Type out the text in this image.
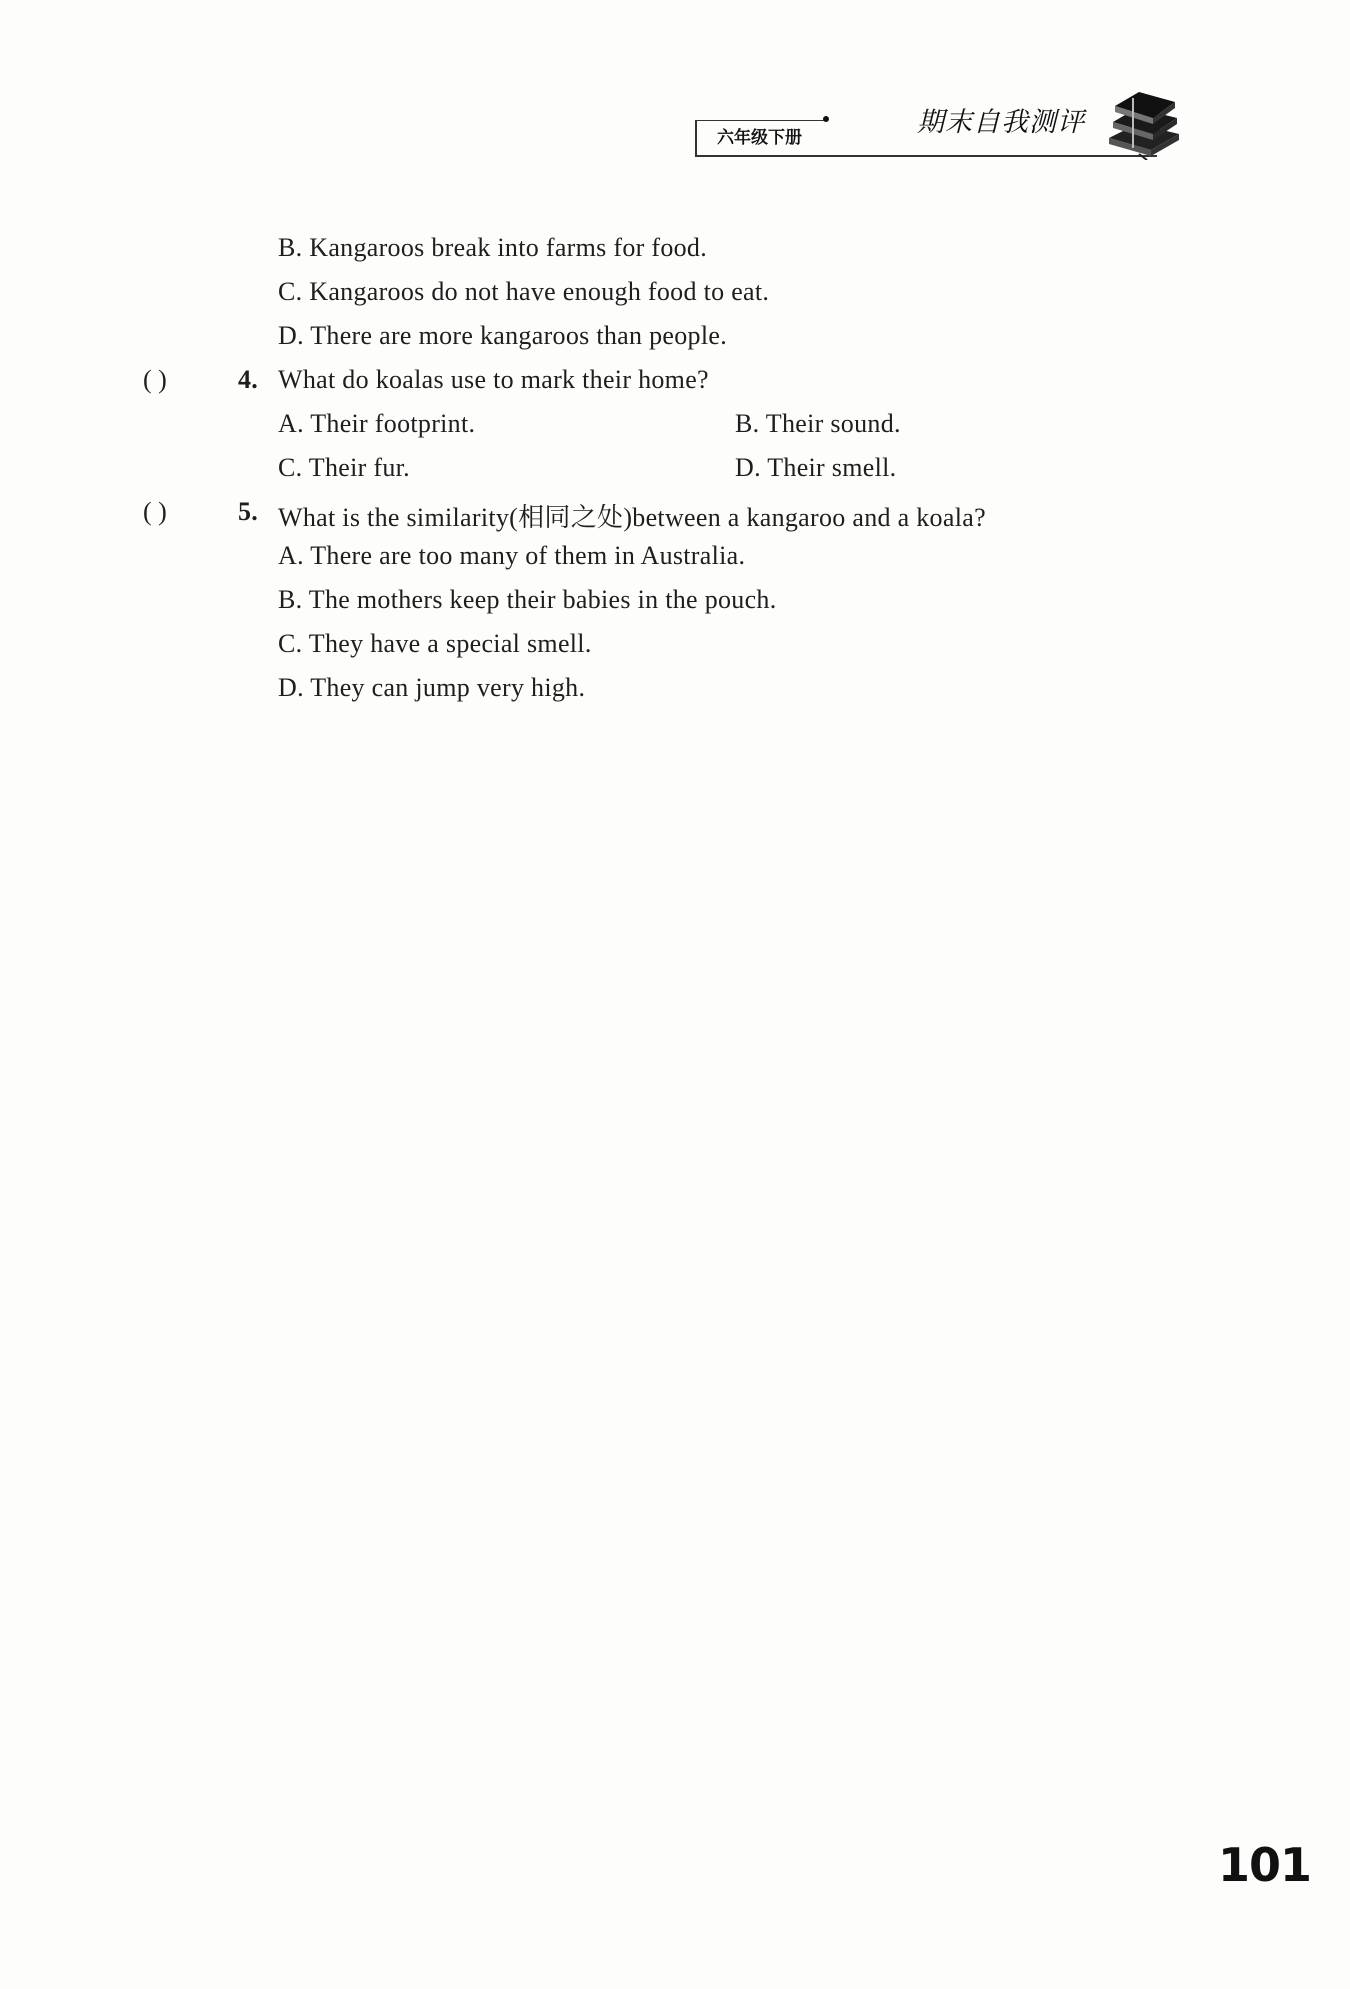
六年级下册	期末自我测评
B. Kangaroos break into farms for food.
C. Kangaroos do not have enough food to eat.
D. There are more kangaroos than people.
( )	4. What do koalas use to mark their home?
A. Their footprint.	B. Their sound.
C. Their fur.	D. Their smell.
( )	5. What is the similarity(相同之处)between a kangaroo and a koala?
A. There are too many of them in Australia.
B. The mothers keep their babies in the pouch.
C. They have a special smell.
D. They can jump very high.
101
